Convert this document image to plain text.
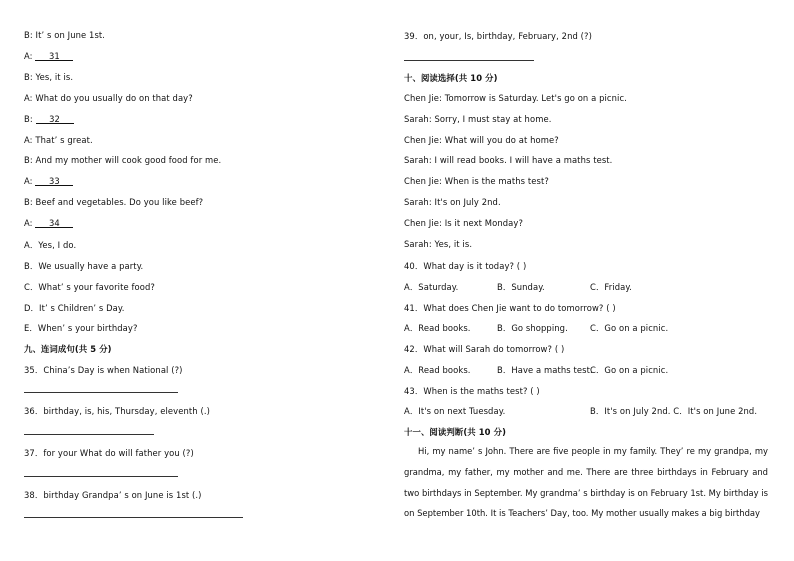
B: It’ s on June 1st.
A: 31
B: Yes, it is.
A: What do you usually do on that day?
B: 32
A: That’ s great.
B: And my mother will cook good food for me.
A: 33
B: Beef and vegetables. Do you like beef?
A: 34
A．Yes, I do.
B．We usually have a party.
C．What’ s your favorite food?
D．It’ s Children’ s Day.
E．When’ s your birthday?
九、连词成句(共 5 分)
35．China’s Day is when National (?)
36．birthday, is, his, Thursday, eleventh (.)
37．for your What do will father you (?)
38．birthday Grandpa’ s on June is 1st (.)
39．on, your, Is, birthday, February, 2nd (?)
十、阅读选择(共 10 分)
Chen Jie: Tomorrow is Saturday. Let's go on a picnic.
Sarah: Sorry, I must stay at home.
Chen Jie: What will you do at home?
Sarah: I will read books. I will have a maths test.
Chen Jie: When is the maths test?
Sarah: It's on July 2nd.
Chen Jie: Is it next Monday?
Sarah: Yes, it is.
40．What day is it today? ( )
A．Saturday.	B．Sunday.	C．Friday.
41．What does Chen Jie want to do tomorrow? ( )
A．Read books.	B．Go shopping.	C．Go on a picnic.
42．What will Sarah do tomorrow? ( )
A．Read books.	B．Have a maths test.
C．Go on a picnic.
43．When is the maths test? ( )
A．It's on next Tuesday.	B．It's on July 2nd. C．It's on June 2nd.
十一、阅读判断(共 10 分)
Hi, my name’ s John. There are five people in my family. They’ re my grandpa, my grandma, my father, my mother and me. There are three birthdays in February and two birthdays in September. My grandma’ s birthday is on February 1st. My birthday is on September 10th. It is Teachers’ Day, too. My mother usually makes a big birthday
